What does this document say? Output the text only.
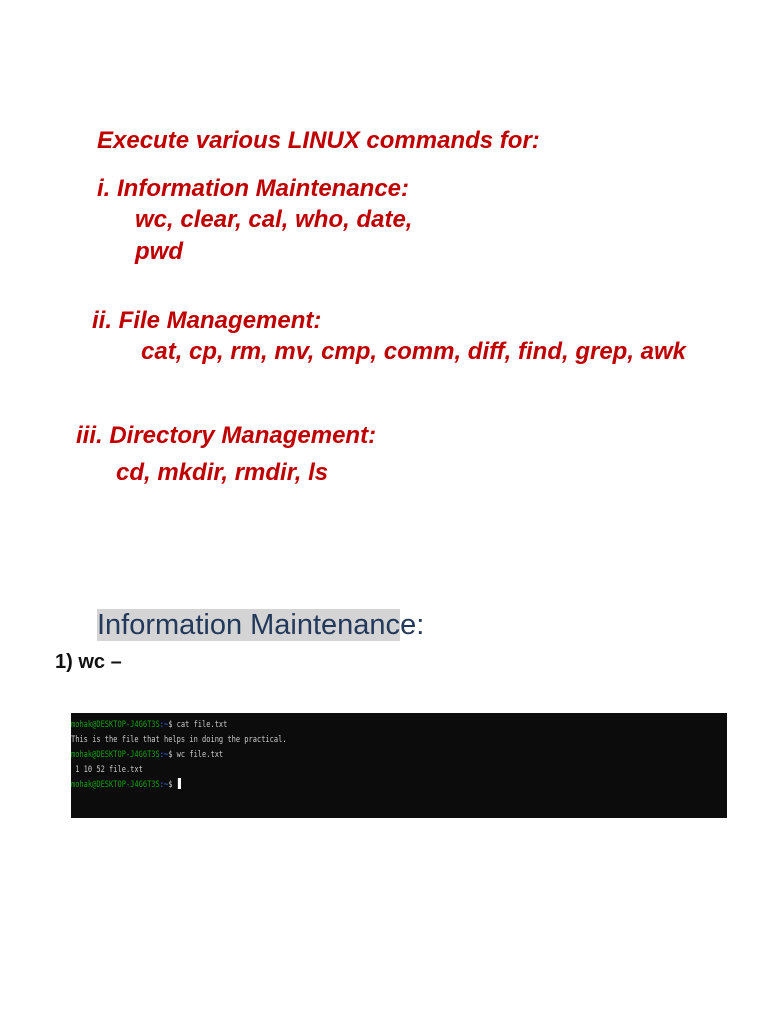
Execute various LINUX commands for:

i. Information Maintenance:

wc, clear, cal, who, date,

pwd

ii. File Management:

cat, cp, rm, mv, cmp, comm, diff, find, grep, awk

iii. Directory Management:

cd, mkdir, rmdir, ls

Information Maintenance:

1) wc –

mohak@DESKTOP-J4G6T3S:~$ cat file.txt
This is the file that helps in doing the practical.
mohak@DESKTOP-J4G6T3S:~$ wc file.txt
1 10 52 file.txt
mohak@DESKTOP-J4G6T3S:~$
